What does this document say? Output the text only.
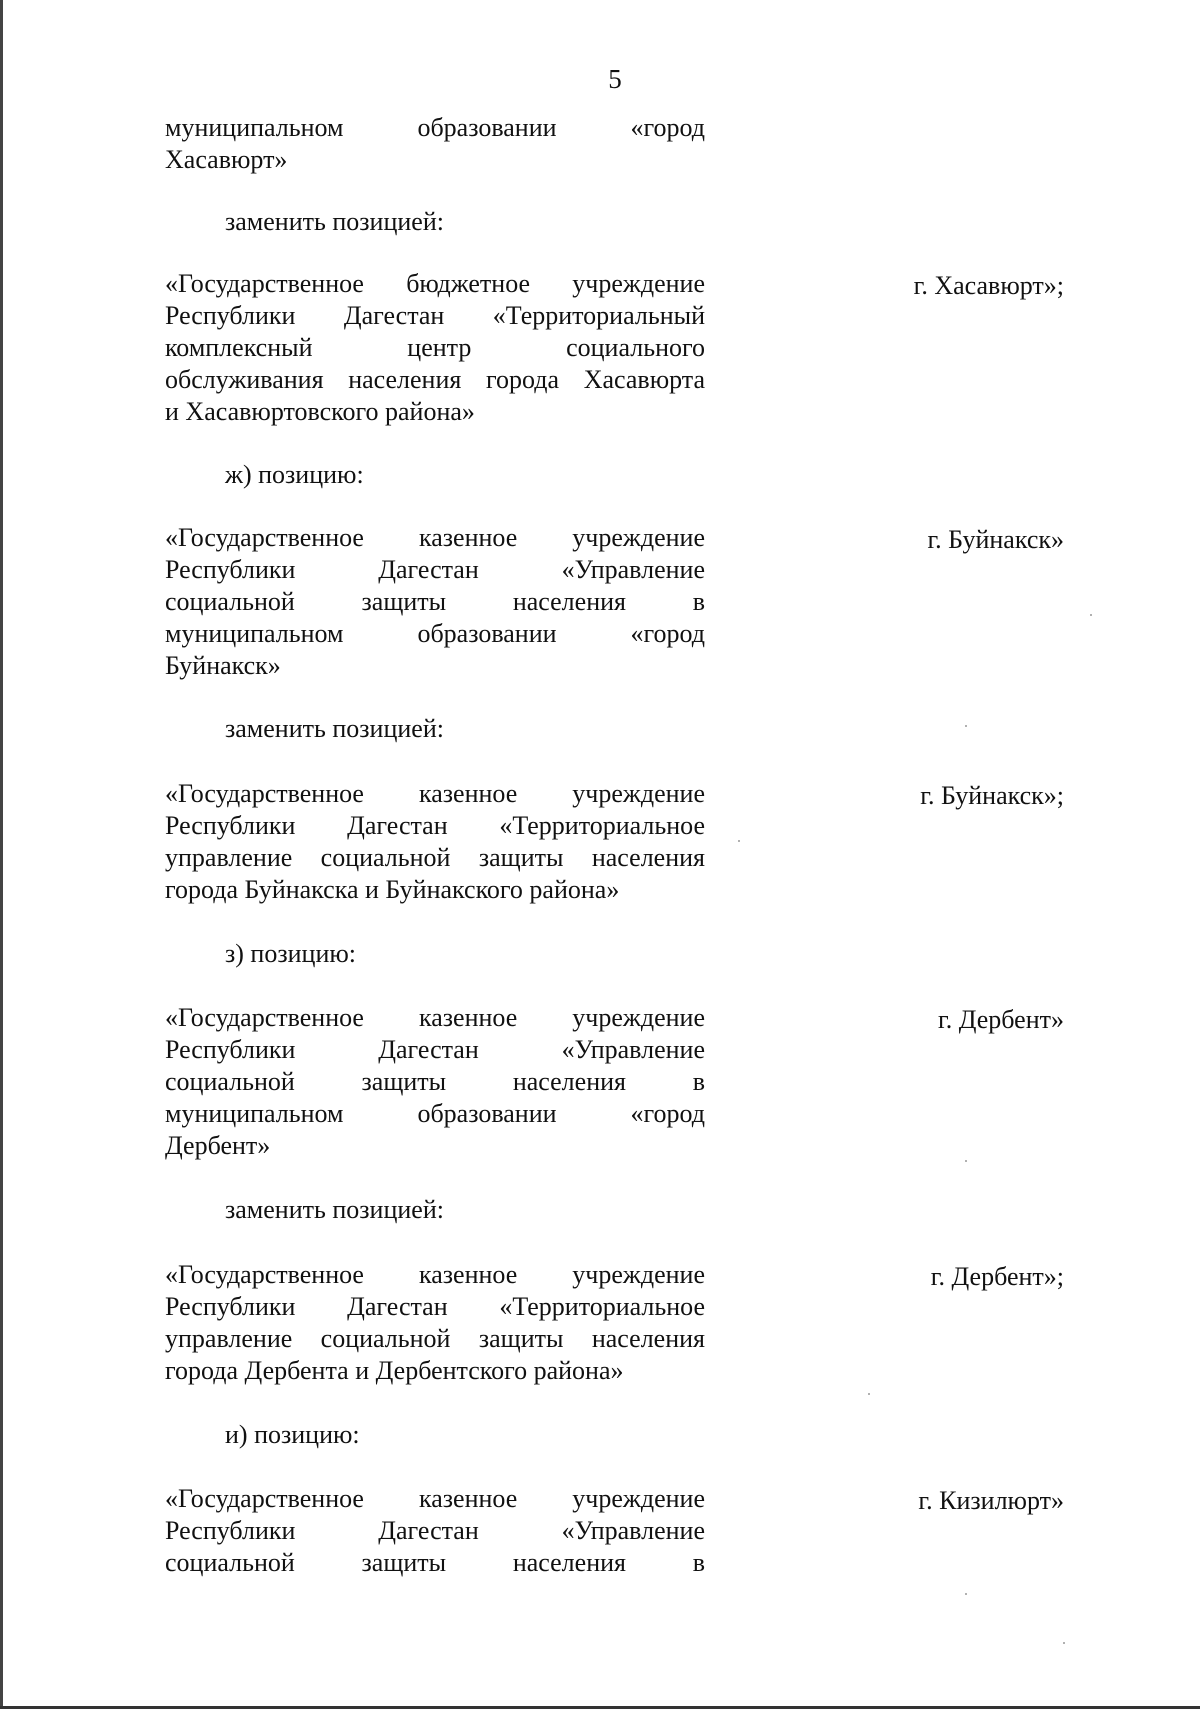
5
муниципальном образовании «город
Хасавюрт»
заменить позицией:
«Государственное бюджетное учреждение
Республики Дагестан «Территориальный
комплексный центр социального
обслуживания населения города Хасавюрта
и Хасавюртовского района»
г. Хасавюрт»;
ж) позицию:
«Государственное казенное учреждение
Республики Дагестан «Управление
социальной защиты населения в
муниципальном образовании «город
Буйнакск»
г. Буйнакск»
заменить позицией:
«Государственное казенное учреждение
Республики Дагестан «Территориальное
управление социальной защиты населения
города Буйнакска и Буйнакского района»
г. Буйнакск»;
з) позицию:
«Государственное казенное учреждение
Республики Дагестан «Управление
социальной защиты населения в
муниципальном образовании «город
Дербент»
г. Дербент»
заменить позицией:
«Государственное казенное учреждение
Республики Дагестан «Территориальное
управление социальной защиты населения
города Дербента и Дербентского района»
г. Дербент»;
и) позицию:
«Государственное казенное учреждение
Республики Дагестан «Управление
социальной защиты населения в
г. Кизилюрт»
